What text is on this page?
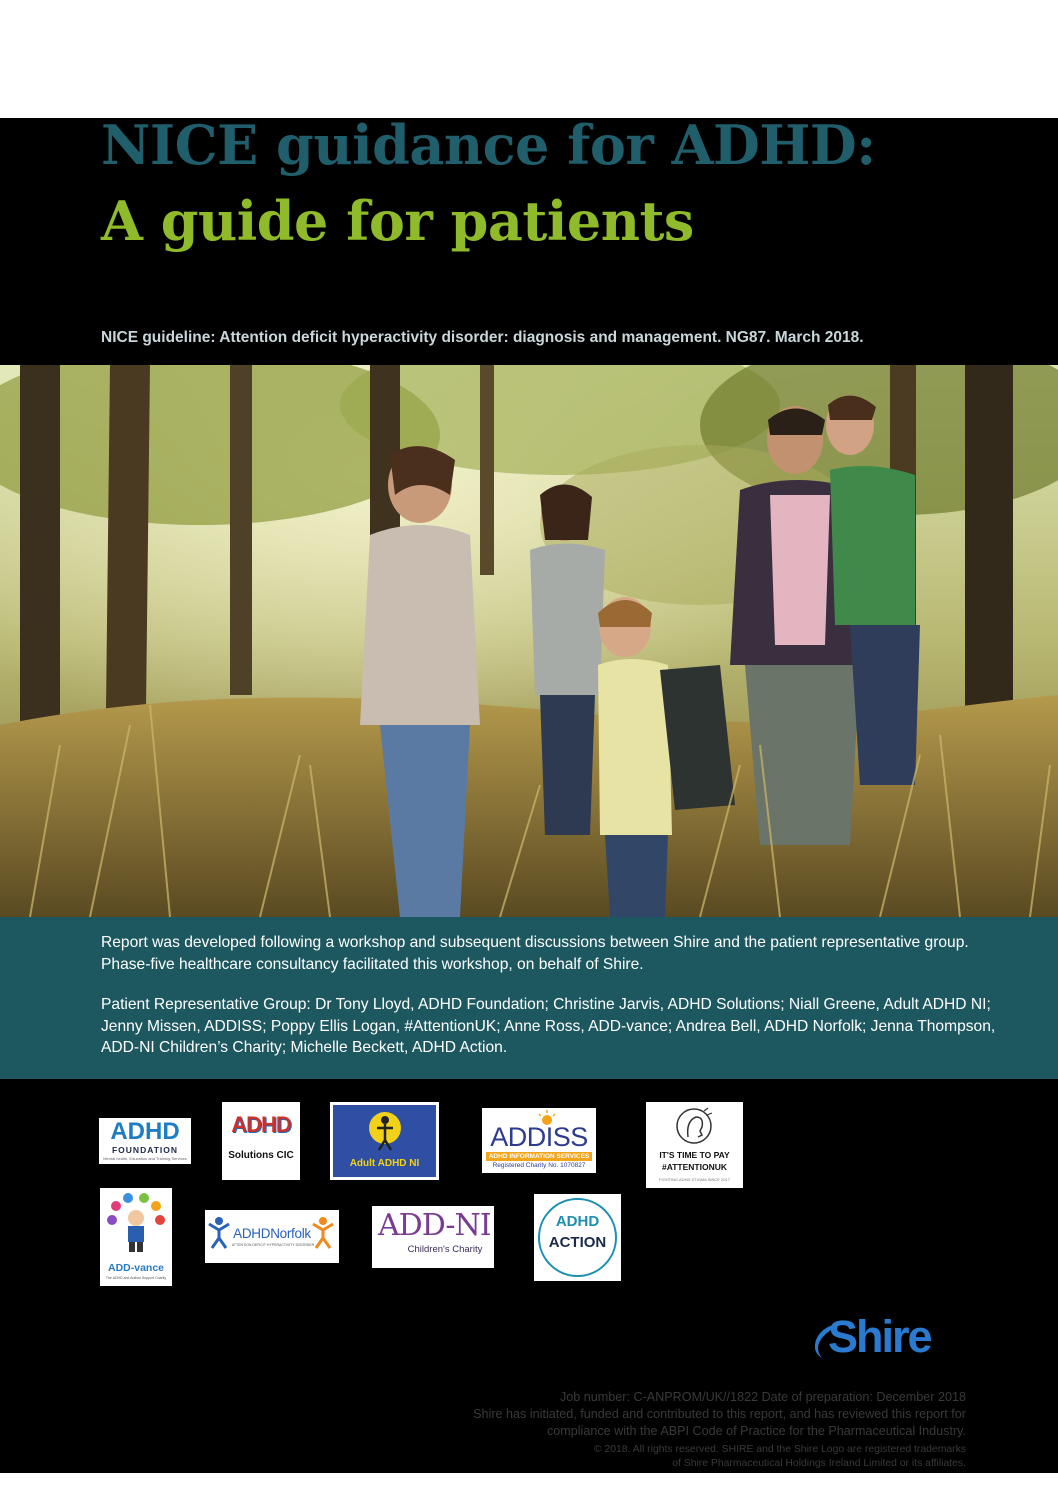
NICE guidance for ADHD:
A guide for patients
NICE guideline: Attention deficit hyperactivity disorder: diagnosis and management. NG87. March 2018.

Report was developed following a workshop and subsequent discussions between Shire and the patient representative group. Phase-five healthcare consultancy facilitated this workshop, on behalf of Shire.

Patient Representative Group: Dr Tony Lloyd, ADHD Foundation; Christine Jarvis, ADHD Solutions; Niall Greene, Adult ADHD NI; Jenny Missen, ADDISS; Poppy Ellis Logan, #AttentionUK; Anne Ross, ADD-vance; Andrea Bell, ADHD Norfolk; Jenna Thompson, ADD-NI Children’s Charity; Michelle Beckett, ADHD Action.

ADHD
FOUNDATION
Mental health, Education and Training Services
ADHD
Solutions CIC
Adult ADHD NI
ADDISS
ADHD INFORMATION SERVICES
Registered Charity No. 1070827
IT'S TIME TO PAY
#ATTENTIONUK
FIGHTING ADHD STIGMA SINCE 2017
ADD-vance
The ADHD and Autism Support Charity
ADHDNorfolk
ATTENTION DEFICIT HYPERACTIVITY DISORDER
ADD-NI
Children's Charity
ADHD
ACTION
Shire
Job number: C-ANPROM/UK//1822 Date of preparation: December 2018
Shire has initiated, funded and contributed to this report, and has reviewed this report for
compliance with the ABPI Code of Practice for the Pharmaceutical Industry.
© 2018. All rights reserved. SHIRE and the Shire Logo are registered trademarks
of Shire Pharmaceutical Holdings Ireland Limited or its affiliates.
